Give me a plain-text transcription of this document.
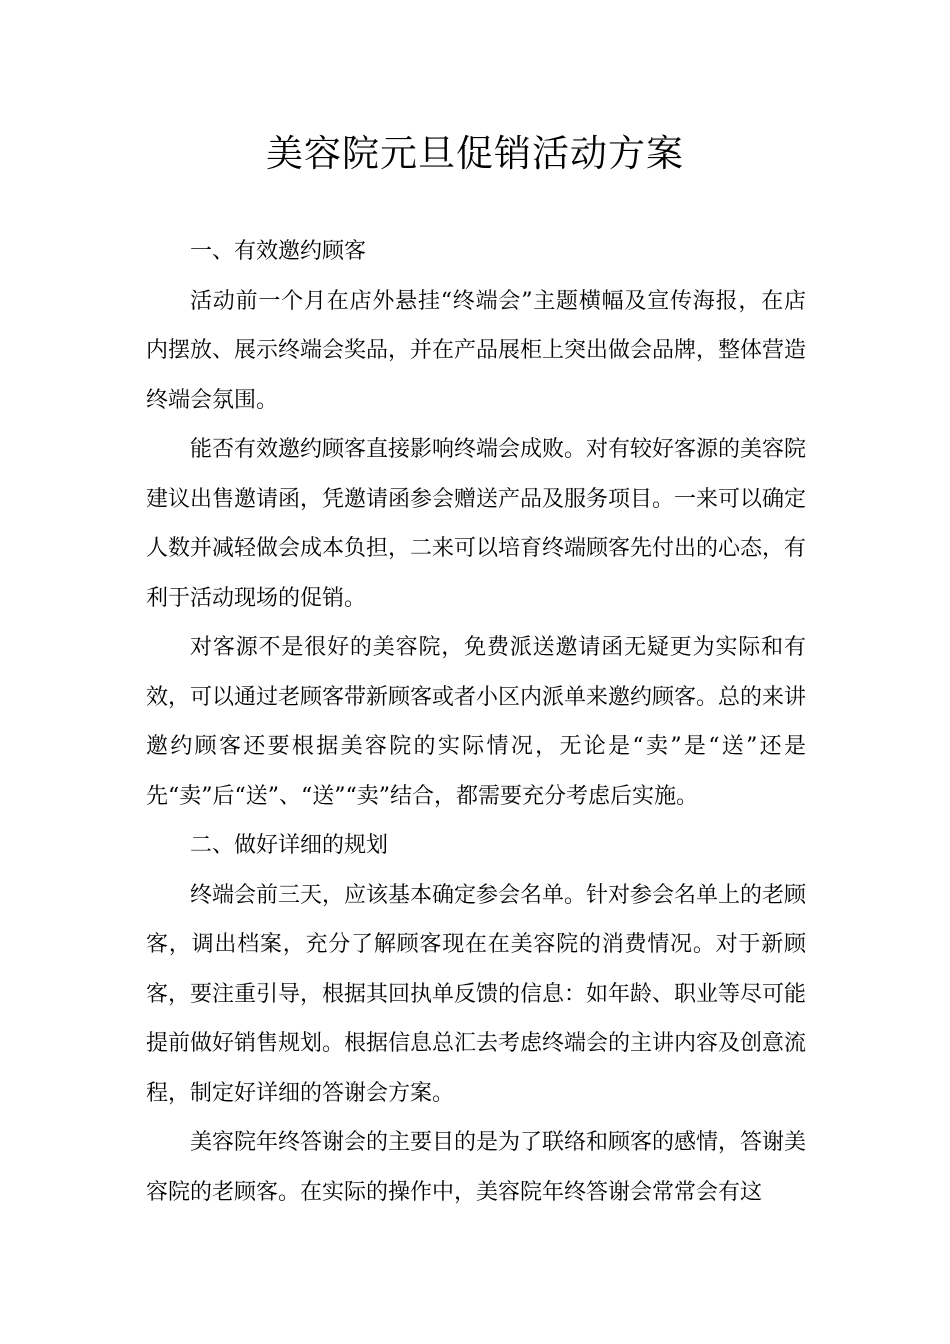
美容院元旦促销活动方案

一、有效邀约顾客

活动前一个月在店外悬挂“终端会”主题横幅及宣传海报，在店内摆放、展示终端会奖品，并在产品展柜上突出做会品牌，整体营造终端会氛围。

能否有效邀约顾客直接影响终端会成败。对有较好客源的美容院建议出售邀请函，凭邀请函参会赠送产品及服务项目。一来可以确定人数并减轻做会成本负担，二来可以培育终端顾客先付出的心态，有利于活动现场的促销。

对客源不是很好的美容院，免费派送邀请函无疑更为实际和有效，可以通过老顾客带新顾客或者小区内派单来邀约顾客。总的来讲邀约顾客还要根据美容院的实际情况，无论是“卖”是“送”还是先“卖”后“送”、“送”“卖”结合，都需要充分考虑后实施。

二、做好详细的规划

终端会前三天，应该基本确定参会名单。针对参会名单上的老顾客，调出档案，充分了解顾客现在在美容院的消费情况。对于新顾客，要注重引导，根据其回执单反馈的信息：如年龄、职业等尽可能提前做好销售规划。根据信息总汇去考虑终端会的主讲内容及创意流程，制定好详细的答谢会方案。

美容院年终答谢会的主要目的是为了联络和顾客的感情，答谢美容院的老顾客。在实际的操作中，美容院年终答谢会常常会有这
